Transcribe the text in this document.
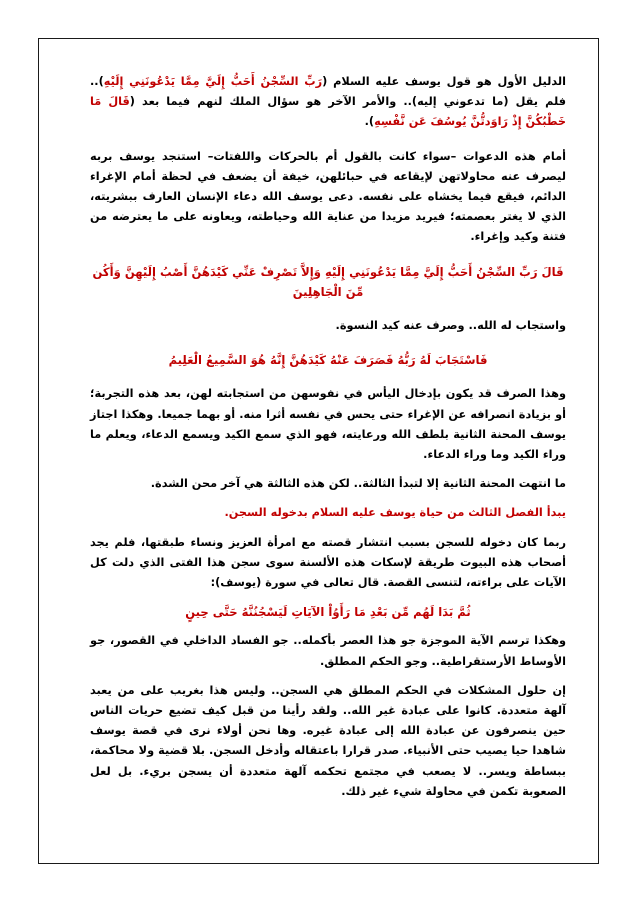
الدليل الأول هو قول يوسف عليه السلام (رَبِّ السِّجْنُ أَحَبُّ إِلَيَّ مِمَّا يَدْعُونَنِي إِلَيْهِ).. فلم يقل (ما تدعوني إليه).. والأمر الآخر هو سؤال الملك لنهم فيما بعد (قَالَ مَا خَطْبُكُنَّ إِذْ رَاوَدتُّنَّ يُوسُفَ عَن نَّفْسِهِ).

أمام هذه الدعوات –سواء كانت بالقول أم بالحركات واللفتات– استنجد يوسف بربه ليصرف عنه محاولاتهن لإيقاعه في حبائلهن، خيفة أن يضعف في لحظة أمام الإغراء الدائم، فيقع فيما يخشاه على نفسه. دعى يوسف الله دعاء الإنسان العارف ببشريته، الذي لا يغتر بعصمته؛ فيريد مزيدا من عناية الله وحياطته، ويعاونه على ما يعترضه من فتنة وكيد وإغراء.

قَالَ رَبِّ السِّجْنُ أَحَبُّ إِلَيَّ مِمَّا يَدْعُونَنِي إِلَيْهِ وَإِلاَّ تَصْرِفْ عَنِّي كَيْدَهُنَّ أَصْبُ إِلَيْهِنَّ وَأَكُن مِّنَ الْجَاهِلِينَ

واستجاب له الله.. وصرف عنه كيد النسوة.

فَاسْتَجَابَ لَهُ رَبُّهُ فَصَرَفَ عَنْهُ كَيْدَهُنَّ إِنَّهُ هُوَ السَّمِيعُ الْعَلِيمُ

وهذا الصرف قد يكون بإدخال اليأس في نفوسهن من استجابته لهن، بعد هذه التجربة؛ أو بزيادة انصرافه عن الإغراء حتى يحس في نفسه أثرا منه. أو بهما جميعا. وهكذا اجتاز يوسف المحنة الثانية بلطف الله ورعايته، فهو الذي سمع الكيد ويسمع الدعاء، ويعلم ما وراء الكيد وما وراء الدعاء.

ما انتهت المحنة الثانية إلا لتبدأ الثالثة.. لكن هذه الثالثة هي آخر محن الشدة.

يبدأ الفصل الثالث من حياة يوسف عليه السلام بدخوله السجن.

ربما كان دخوله للسجن بسبب انتشار قصته مع امرأة العزيز ونساء طبقتها، فلم يجد أصحاب هذه البيوت طريقة لإسكات هذه الألسنة سوى سجن هذا الفتى الذي دلت كل الآيات على براءته، لتنسى القصة. قال تعالى في سورة (يوسف):

ثُمَّ بَدَا لَهُم مِّن بَعْدِ مَا رَأَوُاْ الآيَاتِ لَيَسْجُنُنَّهُ حَتَّى حِينٍ

وهكذا ترسم الآية الموجزة جو هذا العصر بأكمله.. جو الفساد الداخلي في القصور، جو الأوساط الأرستقراطية.. وجو الحكم المطلق.

إن حلول المشكلات في الحكم المطلق هي السجن.. وليس هذا بغريب على من يعبد آلهة متعددة. كانوا على عبادة غير الله.. ولقد رأينا من قبل كيف تضيع حريات الناس حين ينصرفون عن عبادة الله إلى عبادة غيره. وها نحن أولاء نرى في قصة يوسف شاهدا حيا يصيب حتى الأنبياء. صدر قرارا باعتقاله وأدخل السجن. بلا قضية ولا محاكمة، ببساطة ويسر.. لا يصعب في مجتمع تحكمه آلهة متعددة أن يسجن بريء. بل لعل الصعوبة تكمن في محاولة شيء غير ذلك.
